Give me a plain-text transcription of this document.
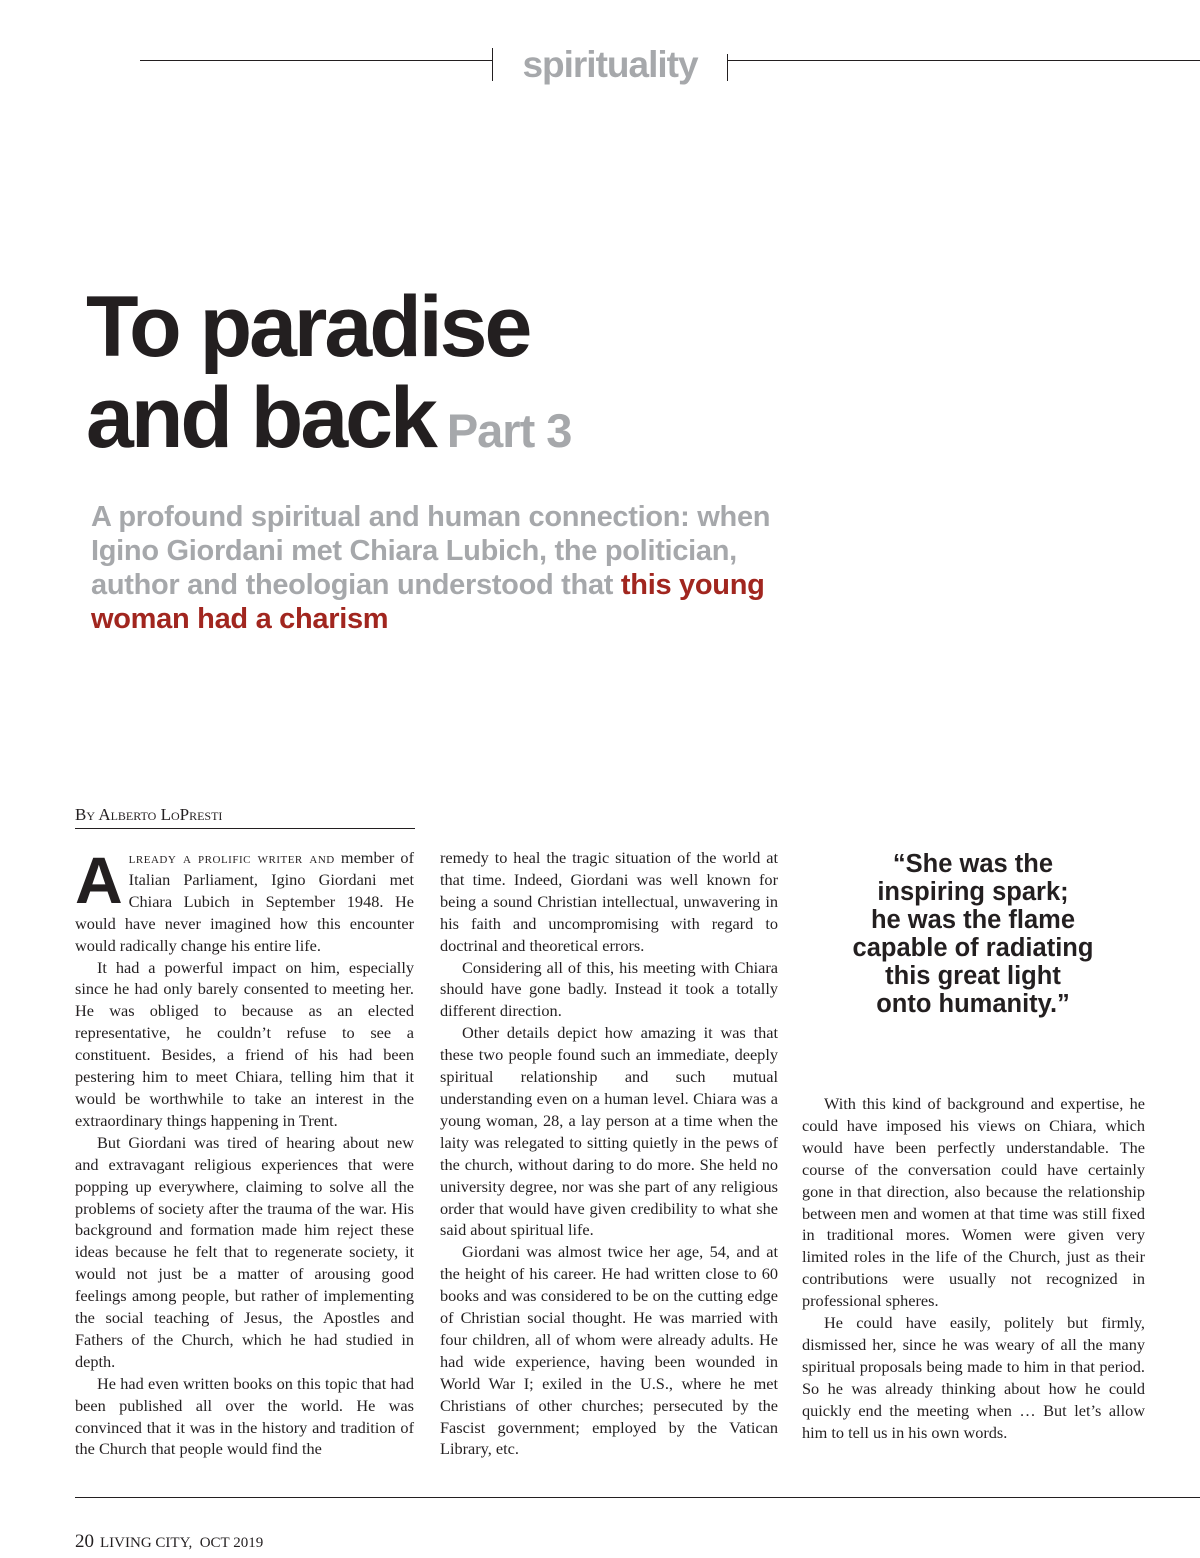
spirituality
To paradise
and back Part 3
A profound spiritual and human connection: when Igino Giordani met Chiara Lubich, the politician, author and theologian understood that this young woman had a charism
By Alberto LoPresti

Already a prolific writer and member of Italian Parliament, Igino Giordani met Chiara Lubich in September 1948. He would have never imagined how this encounter would radically change his entire life.

It had a powerful impact on him, especially since he had only barely consented to meeting her. He was obliged to because as an elected representative, he couldn’t refuse to see a constituent. Besides, a friend of his had been pestering him to meet Chiara, telling him that it would be worthwhile to take an interest in the extraordinary things happening in Trent.

But Giordani was tired of hearing about new and extravagant religious experiences that were popping up everywhere, claiming to solve all the problems of society after the trauma of the war. His background and formation made him reject these ideas because he felt that to regenerate society, it would not just be a matter of arousing good feelings among people, but rather of implementing the social teaching of Jesus, the Apostles and Fathers of the Church, which he had studied in depth.

He had even written books on this topic that had been published all over the world. He was convinced that it was in the history and tradition of the Church that people would find the

remedy to heal the tragic situation of the world at that time. Indeed, Giordani was well known for being a sound Christian intellectual, unwavering in his faith and uncompromising with regard to doctrinal and theoretical errors.

Considering all of this, his meeting with Chiara should have gone badly. Instead it took a totally different direction.

Other details depict how amazing it was that these two people found such an immediate, deeply spiritual relationship and such mutual understanding even on a human level. Chiara was a young woman, 28, a lay person at a time when the laity was relegated to sitting quietly in the pews of the church, without daring to do more. She held no university degree, nor was she part of any religious order that would have given credibility to what she said about spiritual life.

Giordani was almost twice her age, 54, and at the height of his career. He had written close to 60 books and was considered to be on the cutting edge of Christian social thought. He was married with four children, all of whom were already adults. He had wide experience, having been wounded in World War I; exiled in the U.S., where he met Christians of other churches; persecuted by the Fascist government; employed by the Vatican Library, etc.

“She was the
inspiring spark;
he was the flame
capable of radiating
this great light
onto humanity.”

With this kind of background and expertise, he could have imposed his views on Chiara, which would have been perfectly understandable. The course of the conversation could have certainly gone in that direction, also because the relationship between men and women at that time was still fixed in traditional mores. Women were given very limited roles in the life of the Church, just as their contributions were usually not recognized in professional spheres.

He could have easily, politely but firmly, dismissed her, since he was weary of all the many spiritual proposals being made to him in that period. So he was already thinking about how he could quickly end the meeting when … But let’s allow him to tell us in his own words.

20 LIVING CITY, OCT 2019
